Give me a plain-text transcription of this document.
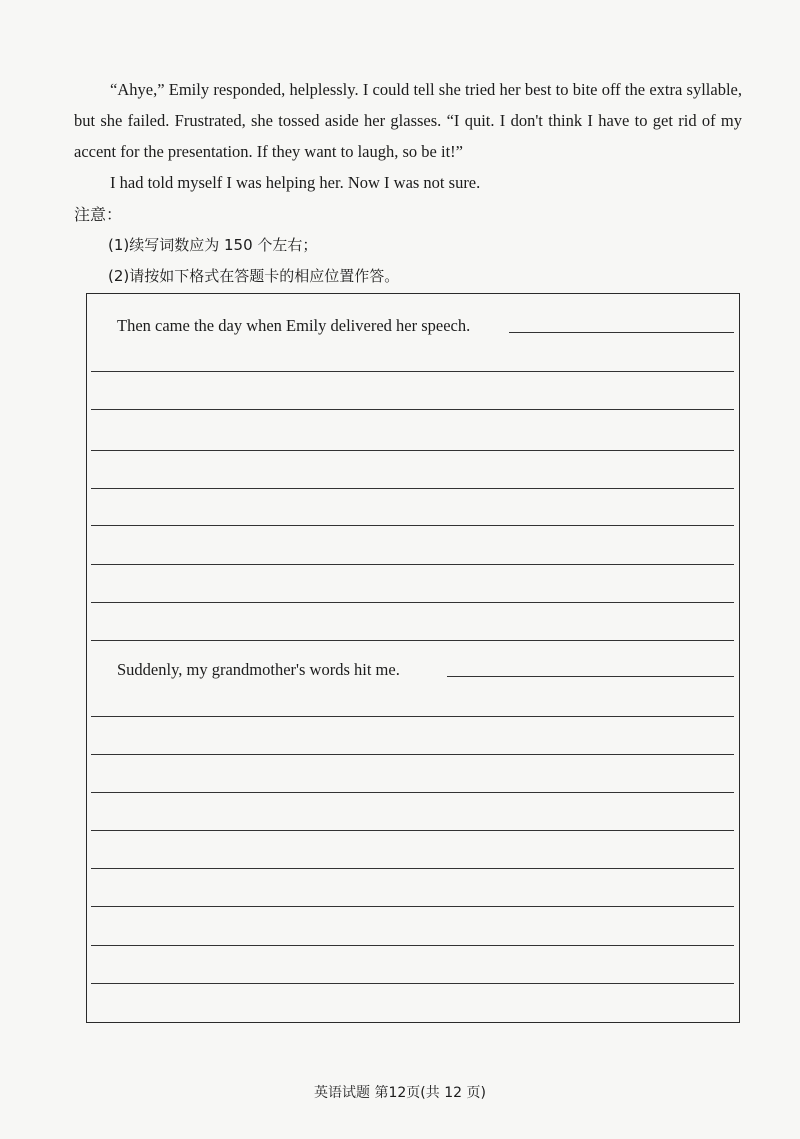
“Ahye,” Emily responded, helplessly. I could tell she tried her best to bite off the extra syllable, but she failed. Frustrated, she tossed aside her glasses. “I quit. I don't think I have to get rid of my accent for the presentation. If they want to laugh, so be it!”

I had told myself I was helping her. Now I was not sure.

注意：
(1)续写词数应为 150 个左右；
(2)请按如下格式在答题卡的相应位置作答。
Then came the day when Emily delivered her speech.
Suddenly, my grandmother's words hit me.
英语试题 第12页(共 12 页)
